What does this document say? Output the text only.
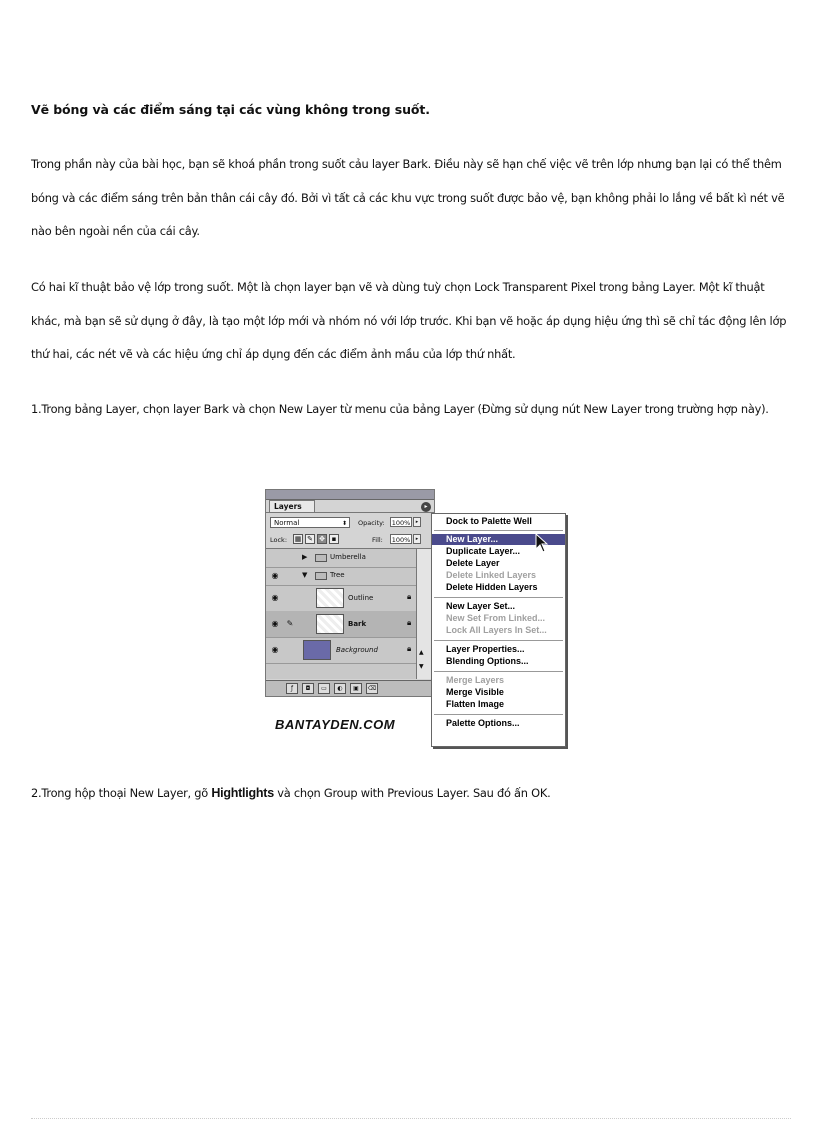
Vẽ bóng và các điểm sáng tại các vùng không trong suốt.

Trong phần này của bài học, bạn sẽ khoá phần trong suốt cảu layer Bark. Điều này sẽ hạn chế việc vẽ trên lớp nhưng bạn lại có thể thêm bóng và các điểm sáng trên bản thân cái cây đó. Bởi vì tất cả các khu vực trong suốt được bảo vệ, bạn không phải lo lắng về bất kì nét vẽ nào bên ngoài nền của cái cây.

Có hai kĩ thuật bảo vệ lớp trong suốt. Một là chọn layer bạn vẽ và dùng tuỳ chọn Lock Transparent Pixel trong bảng Layer. Một kĩ thuật khác, mà bạn sẽ sử dụng ở đây, là tạo một lớp mới và nhóm nó với lớp trước. Khi bạn vẽ hoặc áp dụng hiệu ứng thì sẽ chỉ tác động lên lớp thứ hai, các nét vẽ và các hiệu ứng chỉ áp dụng đến các điểm ảnh mầu của lớp thứ nhất.

1.Trong bảng Layer, chọn layer Bark và chọn New Layer từ menu của bảng Layer (Đừng sử dụng nút New Layer trong trường hợp này).

Layers	▸
Normal	⬍ Opacity: 100%	▸
Lock: ▦ ✎ ✥ ▪	Fill: 100%	▸
▶	Umberella
◉	▼	Tree
◉	Outline	🔒︎
◉	✎	Bark	🔒︎
◉	Background	🔒︎ ▲
▼
ƒ	◘	▭	◐	▣	⌫
Dock to Palette Well
New Layer...
Duplicate Layer...
Delete Layer
Delete Linked Layers
Delete Hidden Layers
New Layer Set...
New Set From Linked...
Lock All Layers In Set...
Layer Properties...
Blending Options...
Merge Layers
Merge Visible
Flatten Image
Palette Options...
BANTAYDEN.COM

2.Trong hộp thoại New Layer, gõ Hightlights và chọn Group with Previous Layer. Sau đó ấn OK.
